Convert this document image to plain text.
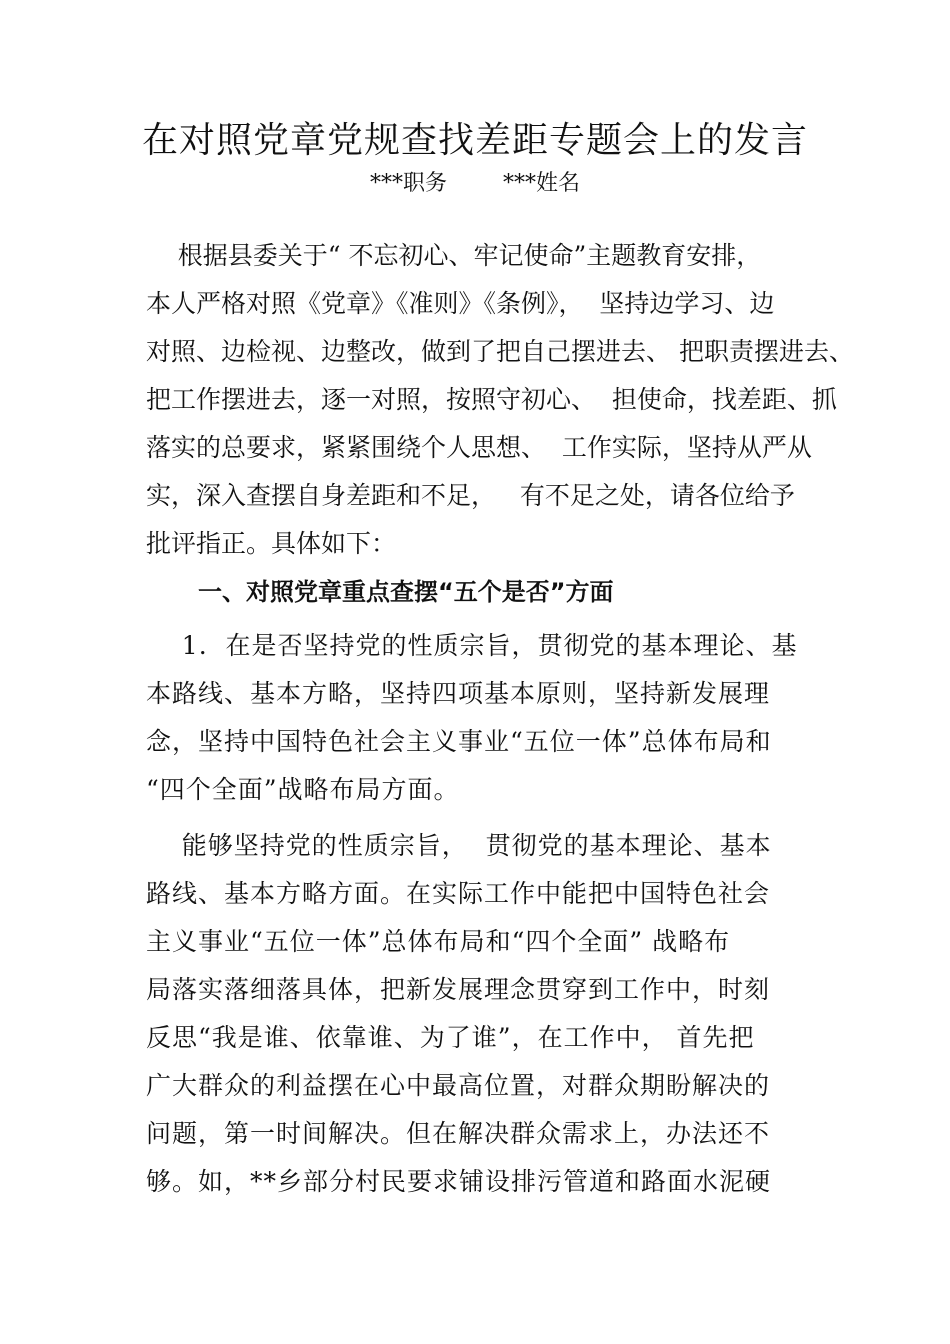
在对照党章党规查找差距专题会上的发言
***职务	***姓名
根据县委关于“ 不忘初心、牢记使命”主题教育安排，
本人严格对照《党章》《准则》《条例》，  坚持边学习、边
对照、边检视、边整改，做到了把自己摆进去、 把职责摆进去、
把工作摆进去，逐一对照，按照守初心、  担使命，找差距、抓
落实的总要求，紧紧围绕个人思想、  工作实际，坚持从严从
实，深入查摆自身差距和不足，   有不足之处，请各位给予
批评指正。具体如下：
一、对照党章重点查摆“五个是否”方面
1.  在是否坚持党的性质宗旨，贯彻党的基本理论、基
本路线、基本方略，坚持四项基本原则，坚持新发展理
念，坚持中国特色社会主义事业“五位一体”总体布局和
“四个全面”战略布局方面。
能够坚持党的性质宗旨，  贯彻党的基本理论、基本
路线、基本方略方面。在实际工作中能把中国特色社会
主义事业“五位一体”总体布局和“四个全面” 战略布
局落实落细落具体，把新发展理念贯穿到工作中，时刻
反思“我是谁、依靠谁、为了谁”，在工作中， 首先把
广大群众的利益摆在心中最高位置，对群众期盼解决的
问题，第一时间解决。但在解决群众需求上，办法还不
够。如，**乡部分村民要求铺设排污管道和路面水泥硬
